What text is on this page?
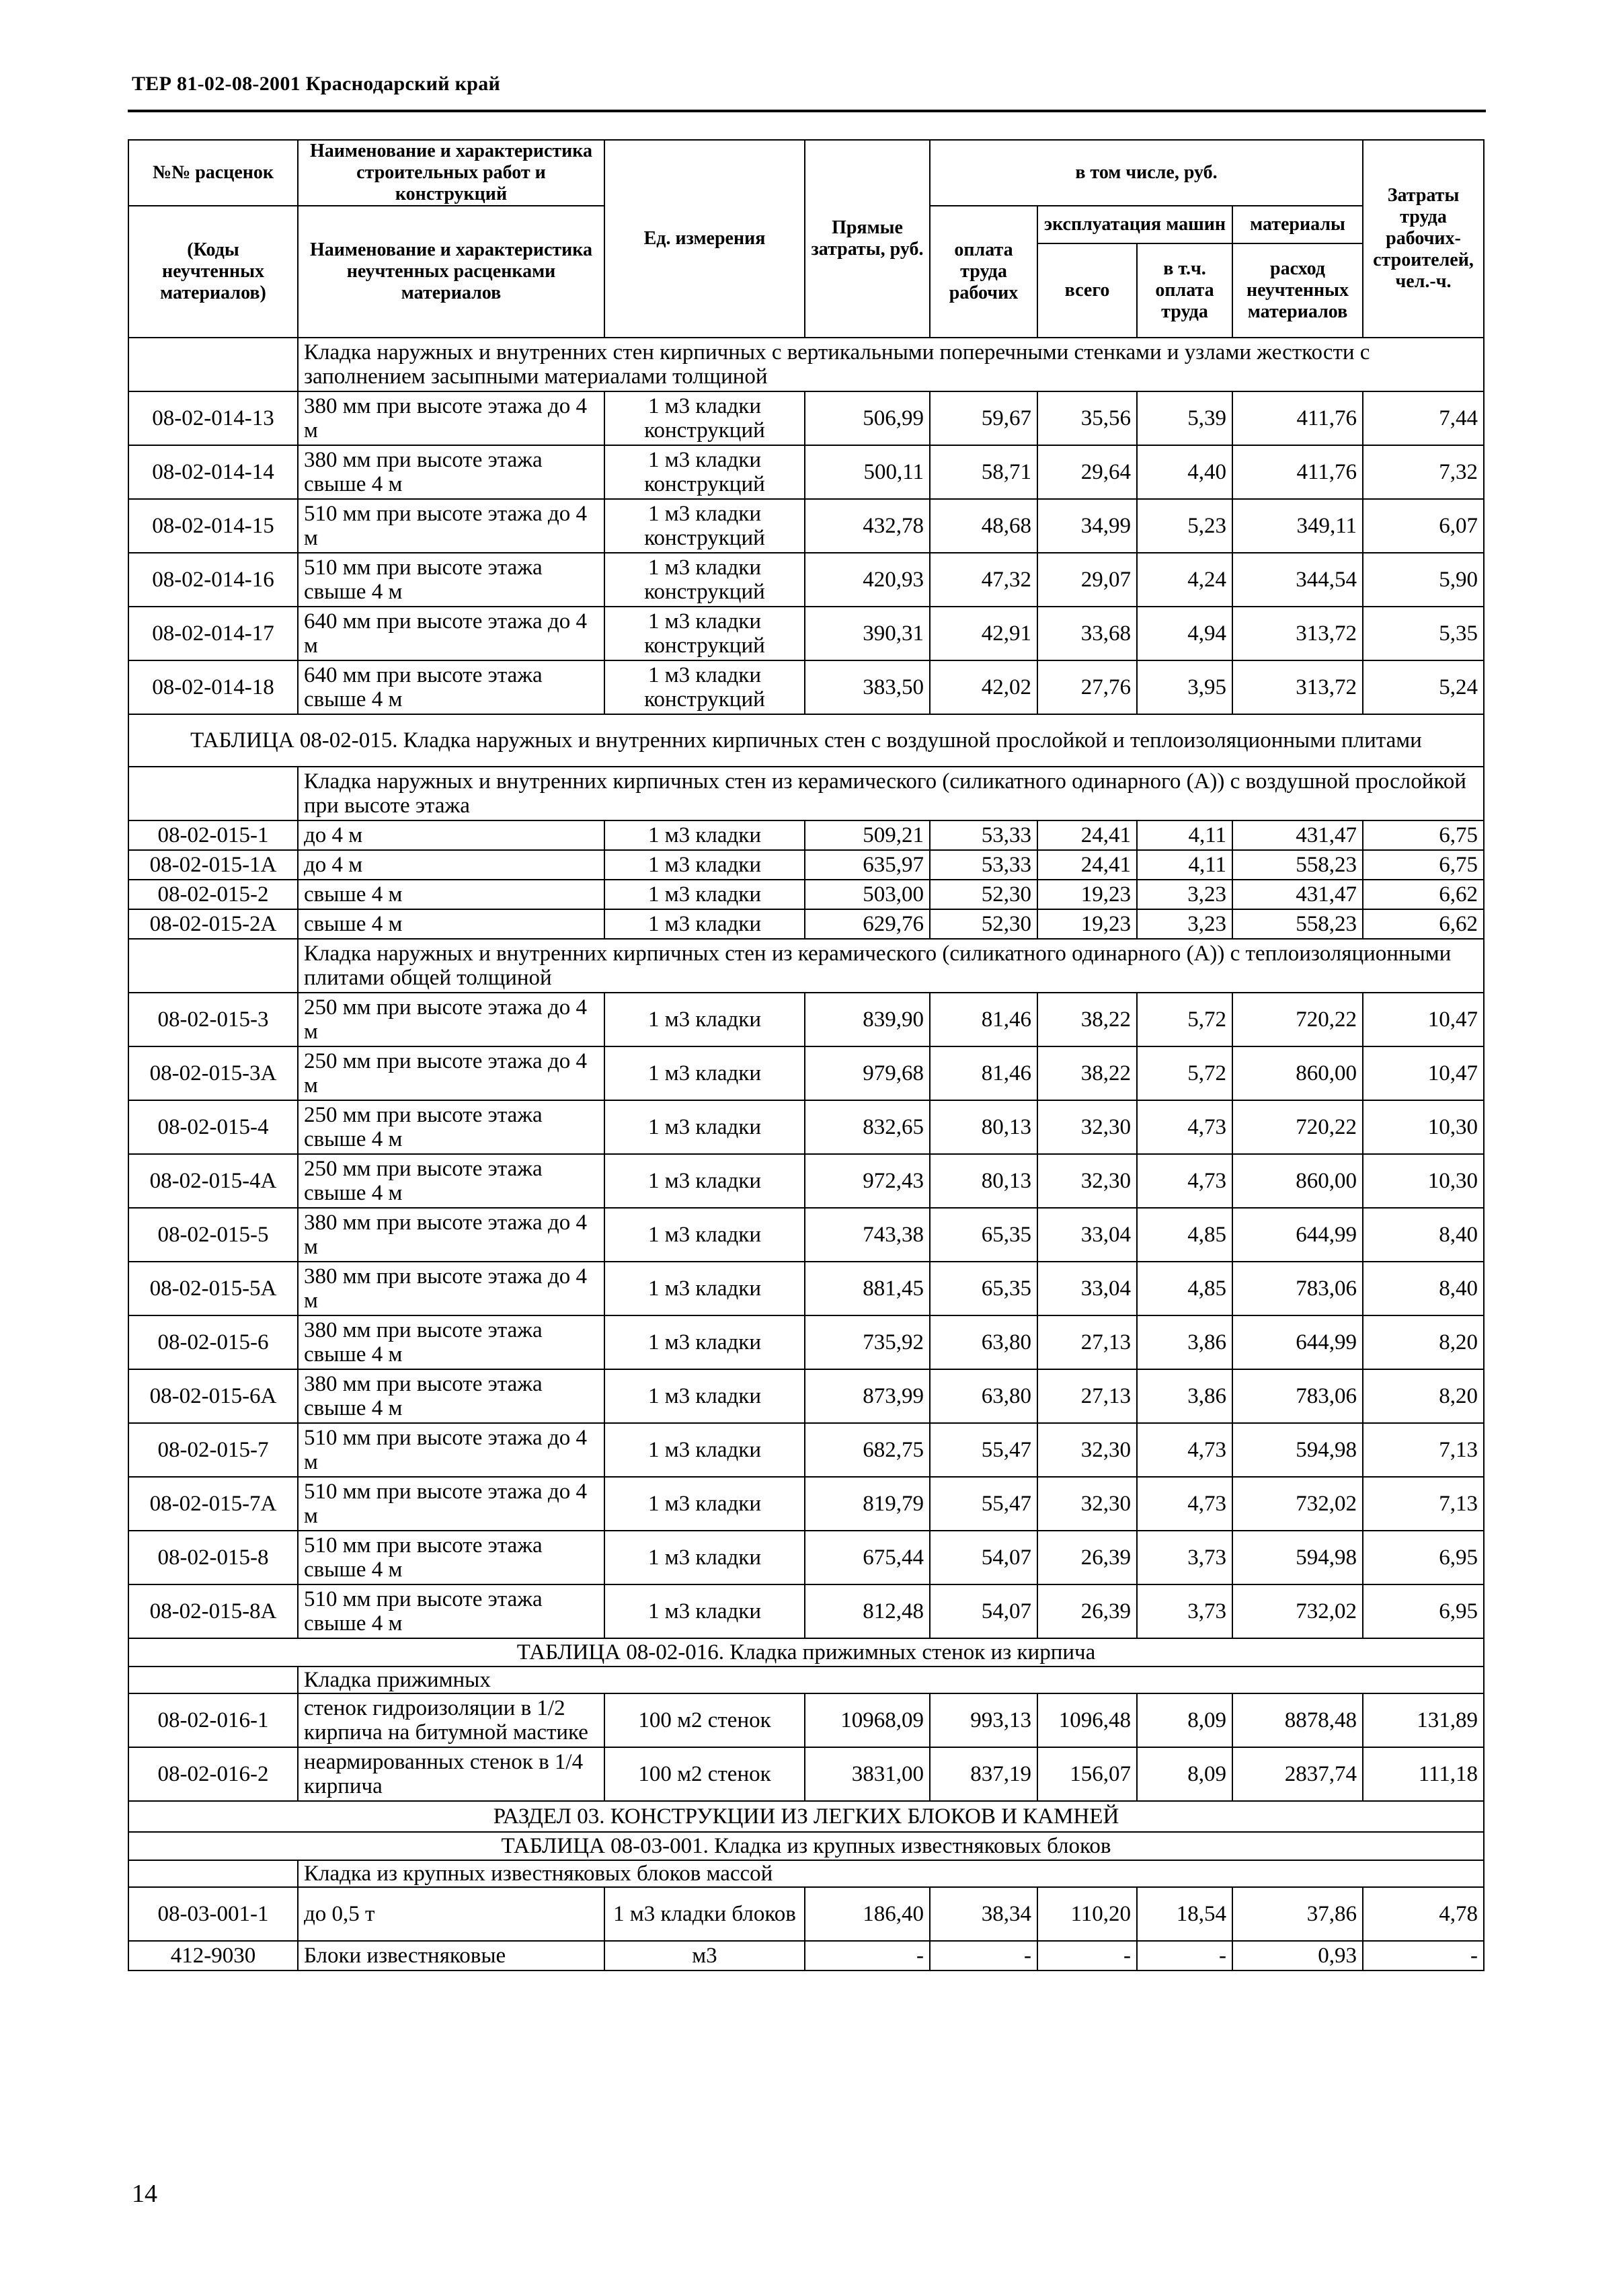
ТЕР 81-02-08-2001 Краснодарский край
№№ расценок	Наименование и характеристика строительных работ и конструкций	Ед. измерения	Прямые затраты, руб.	в том числе, руб.				Затраты труда рабочих-строителей, чел.-ч.
(Коды неучтенных материалов)	Наименование и характеристика неучтенных расценками материалов			оплата труда рабочих	эксплуатация машин		материалы	
					всего	в т.ч. оплата труда	расход неучтенных материалов	
	Кладка наружных и внутренних стен кирпичных с вертикальными поперечными стенками и узлами жесткости с заполнением засыпными материалами толщиной							
08-02-014-13	380 мм при высоте этажа до 4 м	1 м3 кладки конструкций	506,99	59,67	35,56	5,39	411,76	7,44
08-02-014-14	380 мм при высоте этажа свыше 4 м	1 м3 кладки конструкций	500,11	58,71	29,64	4,40	411,76	7,32
08-02-014-15	510 мм при высоте этажа до 4 м	1 м3 кладки конструкций	432,78	48,68	34,99	5,23	349,11	6,07
08-02-014-16	510 мм при высоте этажа свыше 4 м	1 м3 кладки конструкций	420,93	47,32	29,07	4,24	344,54	5,90
08-02-014-17	640 мм при высоте этажа до 4 м	1 м3 кладки конструкций	390,31	42,91	33,68	4,94	313,72	5,35
08-02-014-18	640 мм при высоте этажа свыше 4 м	1 м3 кладки конструкций	383,50	42,02	27,76	3,95	313,72	5,24
ТАБЛИЦА 08-02-015. Кладка наружных и внутренних кирпичных стен с воздушной прослойкой и теплоизоляционными плитами								
	Кладка наружных и внутренних кирпичных стен из керамического (силикатного одинарного (А)) с воздушной прослойкой при высоте этажа							
08-02-015-1	до 4 м	1 м3 кладки	509,21	53,33	24,41	4,11	431,47	6,75
08-02-015-1А	до 4 м	1 м3 кладки	635,97	53,33	24,41	4,11	558,23	6,75
08-02-015-2	свыше 4 м	1 м3 кладки	503,00	52,30	19,23	3,23	431,47	6,62
08-02-015-2А	свыше 4 м	1 м3 кладки	629,76	52,30	19,23	3,23	558,23	6,62
	Кладка наружных и внутренних кирпичных стен из керамического (силикатного одинарного (А)) с теплоизоляционными плитами общей толщиной							
08-02-015-3	250 мм при высоте этажа до 4 м	1 м3 кладки	839,90	81,46	38,22	5,72	720,22	10,47
08-02-015-3А	250 мм при высоте этажа до 4 м	1 м3 кладки	979,68	81,46	38,22	5,72	860,00	10,47
08-02-015-4	250 мм при высоте этажа свыше 4 м	1 м3 кладки	832,65	80,13	32,30	4,73	720,22	10,30
08-02-015-4А	250 мм при высоте этажа свыше 4 м	1 м3 кладки	972,43	80,13	32,30	4,73	860,00	10,30
08-02-015-5	380 мм при высоте этажа до 4 м	1 м3 кладки	743,38	65,35	33,04	4,85	644,99	8,40
08-02-015-5А	380 мм при высоте этажа до 4 м	1 м3 кладки	881,45	65,35	33,04	4,85	783,06	8,40
08-02-015-6	380 мм при высоте этажа свыше 4 м	1 м3 кладки	735,92	63,80	27,13	3,86	644,99	8,20
08-02-015-6А	380 мм при высоте этажа свыше 4 м	1 м3 кладки	873,99	63,80	27,13	3,86	783,06	8,20
08-02-015-7	510 мм при высоте этажа до 4 м	1 м3 кладки	682,75	55,47	32,30	4,73	594,98	7,13
08-02-015-7А	510 мм при высоте этажа до 4 м	1 м3 кладки	819,79	55,47	32,30	4,73	732,02	7,13
08-02-015-8	510 мм при высоте этажа свыше 4 м	1 м3 кладки	675,44	54,07	26,39	3,73	594,98	6,95
08-02-015-8А	510 мм при высоте этажа свыше 4 м	1 м3 кладки	812,48	54,07	26,39	3,73	732,02	6,95
ТАБЛИЦА 08-02-016. Кладка прижимных стенок из кирпича								
	Кладка прижимных							
08-02-016-1	стенок гидроизоляции в 1/2 кирпича на битумной мастике	100 м2 стенок	10968,09	993,13	1096,48	8,09	8878,48	131,89
08-02-016-2	неармированных стенок в 1/4 кирпича	100 м2 стенок	3831,00	837,19	156,07	8,09	2837,74	111,18
РАЗДЕЛ 03. КОНСТРУКЦИИ ИЗ ЛЕГКИХ БЛОКОВ И КАМНЕЙ								
ТАБЛИЦА 08-03-001. Кладка из крупных известняковых блоков								
	Кладка из крупных известняковых блоков массой							
08-03-001-1	до 0,5 т	1 м3 кладки блоков	186,40	38,34	110,20	18,54	37,86	4,78
412-9030	Блоки известняковые	м3	-	-	-	-	0,93	-
14
